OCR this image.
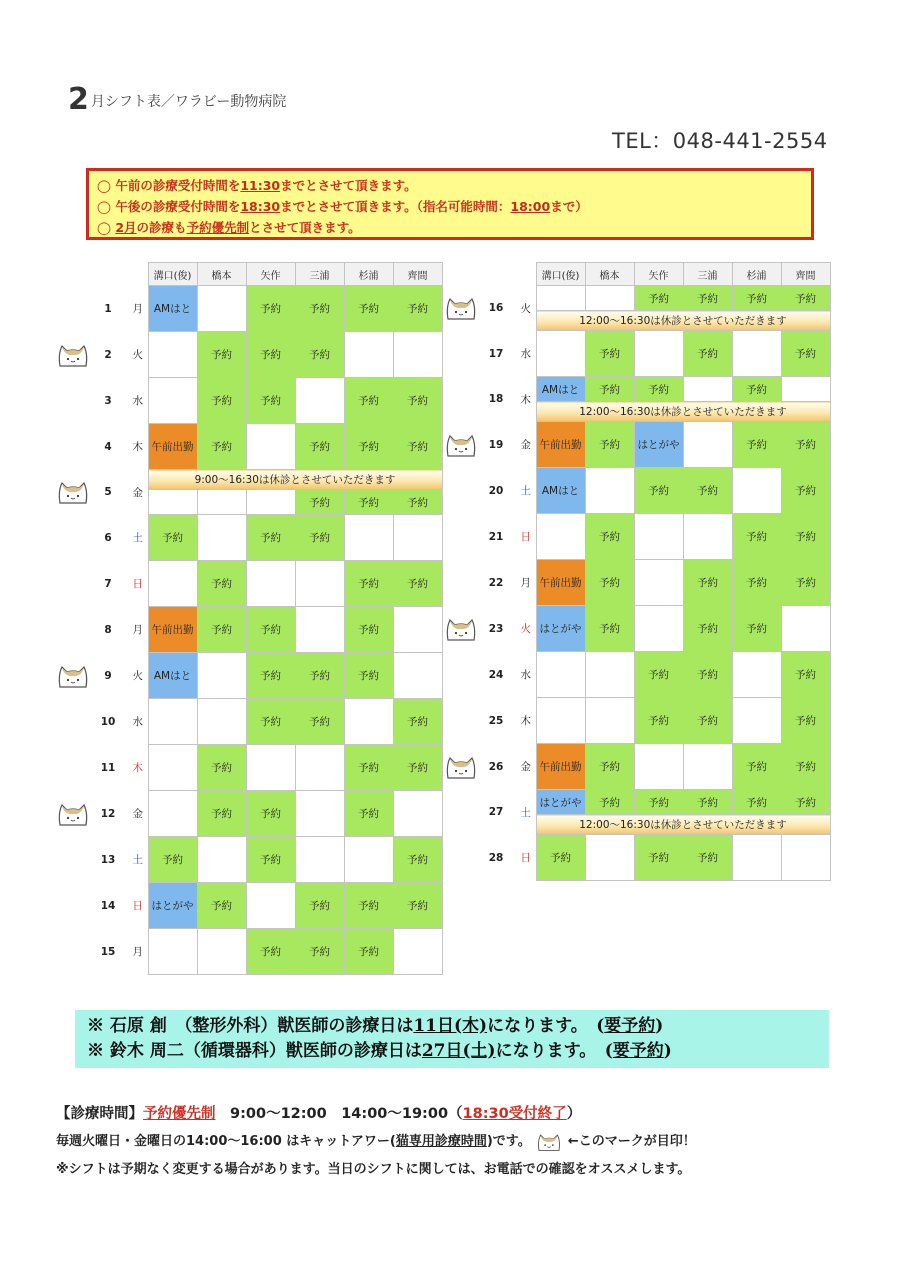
2 月シフト表／ワラビー動物病院
TEL：048-441-2554
◯ 午前の診療受付時間を11:30までとさせて頂きます。
◯ 午後の診療受付時間を18:30までとさせて頂きます。（指名可能時間：18:00まで）
◯ 2月の診療も予約優先制とさせて頂きます。
		溝口(俊)	橋本	矢作	三浦	杉浦	齊間
1	月	AMはと		予約	予約	予約	予約
2	火		予約	予約	予約		
3	水		予約	予約		予約	予約
4	木	午前出勤	予約		予約	予約	予約
5	金	9:00〜16:30は休診とさせていただきます					
					予約	予約	予約
6	土	予約		予約	予約		
7	日		予約			予約	予約
8	月	午前出勤	予約	予約		予約	
9	火	AMはと		予約	予約	予約	
10	水			予約	予約		予約
11	木		予約			予約	予約
12	金		予約	予約		予約	
13	土	予約		予約			予約
14	日	はとがや	予約		予約	予約	予約
15	月			予約	予約	予約	
		溝口(俊)	橋本	矢作	三浦	杉浦	齊間
16	火			予約	予約	予約	予約
		12:00〜16:30は休診とさせていただきます					
17	水		予約		予約		予約
18	木	AMはと	予約	予約		予約	
		12:00〜16:30は休診とさせていただきます					
19	金	午前出勤	予約	はとがや		予約	予約
20	土	AMはと		予約	予約		予約
21	日		予約			予約	予約
22	月	午前出勤	予約		予約	予約	予約
23	火	はとがや	予約		予約	予約	
24	水			予約	予約		予約
25	木			予約	予約		予約
26	金	午前出勤	予約			予約	予約
27	土	はとがや	予約	予約	予約	予約	予約
		12:00〜16:30は休診とさせていただきます					
28	日	予約		予約	予約		
※ 石原 創　（整形外科）獣医師の診療日は11日(木)になります。　(要予約)
※ 鈴木 周二（循環器科）獣医師の診療日は27日(土)になります。　(要予約)
【診療時間】予約優先制　9:00〜12:00　14:00〜19:00（18:30受付終了）
毎週火曜日・金曜日の14:00〜16:00 はキャットアワー(猫専用診療時間)です。	←このマークが目印！
※シフトは予期なく変更する場合があります。当日のシフトに関しては、お電話での確認をオススメします。
